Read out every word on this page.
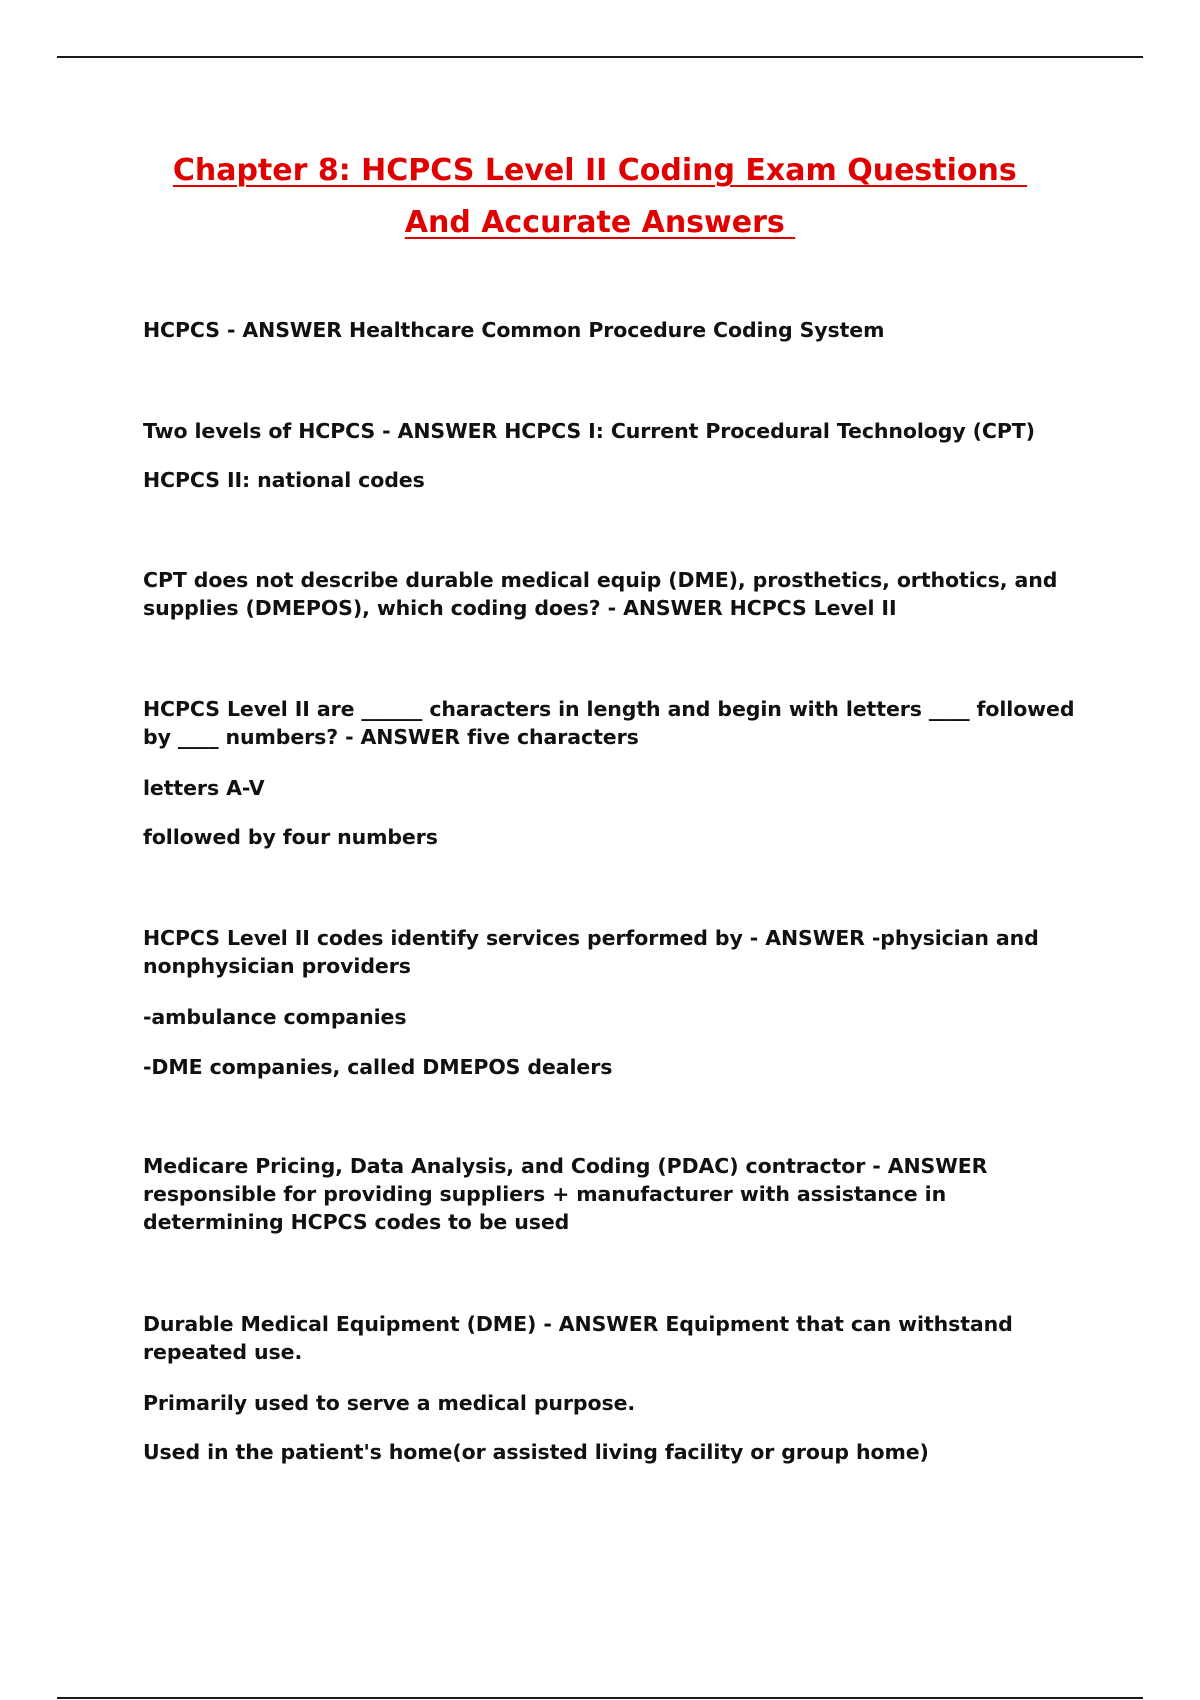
Chapter 8: HCPCS Level II Coding Exam Questions
And Accurate Answers

HCPCS - ANSWER Healthcare Common Procedure Coding System

Two levels of HCPCS - ANSWER HCPCS I: Current Procedural Technology (CPT)

HCPCS II: national codes

CPT does not describe durable medical equip (DME), prosthetics, orthotics, and supplies (DMEPOS), which coding does? - ANSWER HCPCS Level II

HCPCS Level II are ______ characters in length and begin with letters ____ followed by ____ numbers? - ANSWER five characters

letters A-V

followed by four numbers

HCPCS Level II codes identify services performed by - ANSWER -physician and nonphysician providers

-ambulance companies

-DME companies, called DMEPOS dealers

Medicare Pricing, Data Analysis, and Coding (PDAC) contractor - ANSWER responsible for providing suppliers + manufacturer with assistance in determining HCPCS codes to be used

Durable Medical Equipment (DME) - ANSWER Equipment that can withstand repeated use.

Primarily used to serve a medical purpose.

Used in the patient's home(or assisted living facility or group home)
